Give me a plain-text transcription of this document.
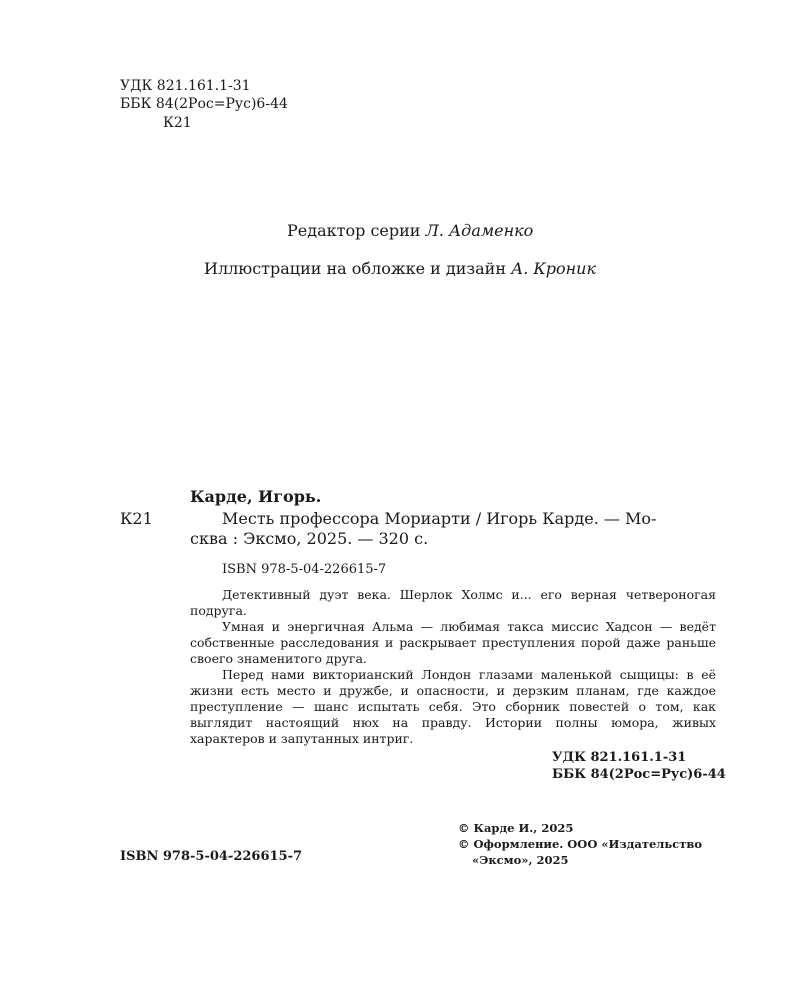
УДК 821.161.1-31
ББК 84(2Рос=Рус)6-44
К21
Редактор серии Л. Адаменко
Иллюстрации на обложке и дизайн А. Кроник
Карде, Игорь.
К21	Месть профессора Мориарти / Игорь Карде. — Мо-
сква : Эксмо, 2025. — 320 с.
ISBN 978-5-04-226615-7

Детективный дуэт века. Шерлок Холмс и... его верная четвероногая подруга.

Умная и энергичная Альма — любимая такса миссис Хадсон — ведёт собственные расследования и раскрывает преступления порой даже раньше своего знаменитого друга.

Перед нами викторианский Лондон глазами маленькой сыщицы: в её жизни есть место и дружбе, и опасности, и дерзким планам, где каждое преступление — шанс испытать себя. Это сборник повестей о том, как выглядит настоящий нюх на правду. Истории полны юмора, живых характеров и запутанных интриг.

УДК 821.161.1-31
ББК 84(2Рос=Рус)6-44
ISBN 978-5-04-226615-7
© Карде И., 2025
© Оформление. ООО «Издательство
«Эксмо», 2025
